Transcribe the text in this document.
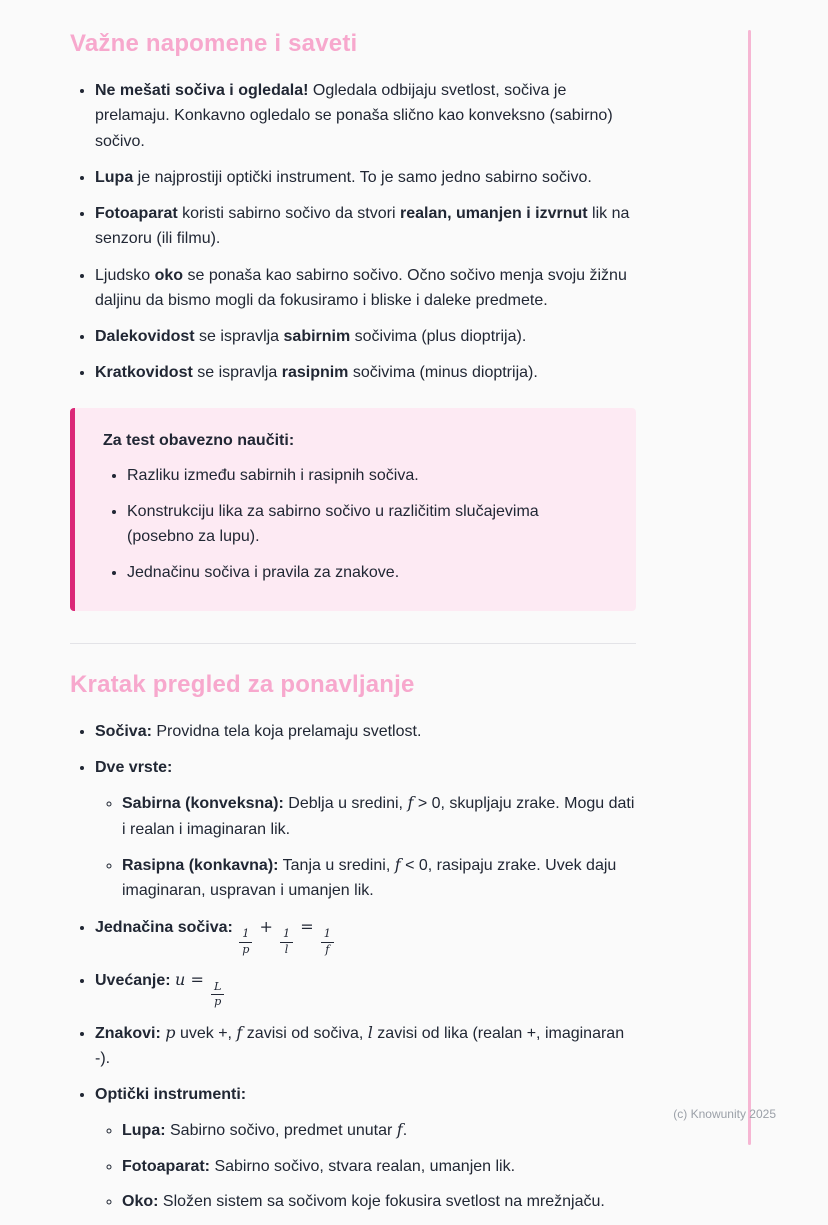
Važne napomene i saveti
• Ne mešati sočiva i ogledala! Ogledala odbijaju svetlost, sočiva je prelamaju. Konkavno ogledalo se ponaša slično kao konveksno (sabirno) sočivo.
• Lupa je najprostiji optički instrument. To je samo jedno sabirno sočivo.
• Fotoaparat koristi sabirno sočivo da stvori realan, umanjen i izvrnut lik na senzoru (ili filmu).
• Ljudsko oko se ponaša kao sabirno sočivo. Očno sočivo menja svoju žižnu daljinu da bismo mogli da fokusiramo i bliske i daleke predmete.
• Dalekovidost se ispravlja sabirnim sočivima (plus dioptrija).
• Kratkovidost se ispravlja rasipnim sočivima (minus dioptrija).

Za test obavezno naučiti:

• Razliku između sabirnih i rasipnih sočiva.
• Konstrukciju lika za sabirno sočivo u različitim slučajevima (posebno za lupu).
• Jednačinu sočiva i pravila za znakove.
Kratak pregled za ponavljanje
• Sočiva: Providna tela koja prelamaju svetlost.
• Dve vrste:
◦ Sabirna (konveksna): Deblja u sredini, f > 0, skupljaju zrake. Mogu dati i realan i imaginaran lik.
◦ Rasipna (konkavna): Tanja u sredini, f < 0, rasipaju zrake. Uvek daju imaginaran, uspravan i umanjen lik.
• Jednačina sočiva:
$\frac{1}{p}$
+
$\frac{1}{l}$
=
$\frac{1}{f}$
• Uvećanje: u =
$\frac{L}{p}$
• Znakovi: p uvek +, f zavisi od sočiva, l zavisi od lika (realan +, imaginaran -).
• Optički instrumenti:
◦ Lupa: Sabirno sočivo, predmet unutar f.
◦ Fotoaparat: Sabirno sočivo, stvara realan, umanjen lik.
◦ Oko: Složen sistem sa sočivom koje fokusira svetlost na mrežnjaču.
(c) Knowunity 2025
